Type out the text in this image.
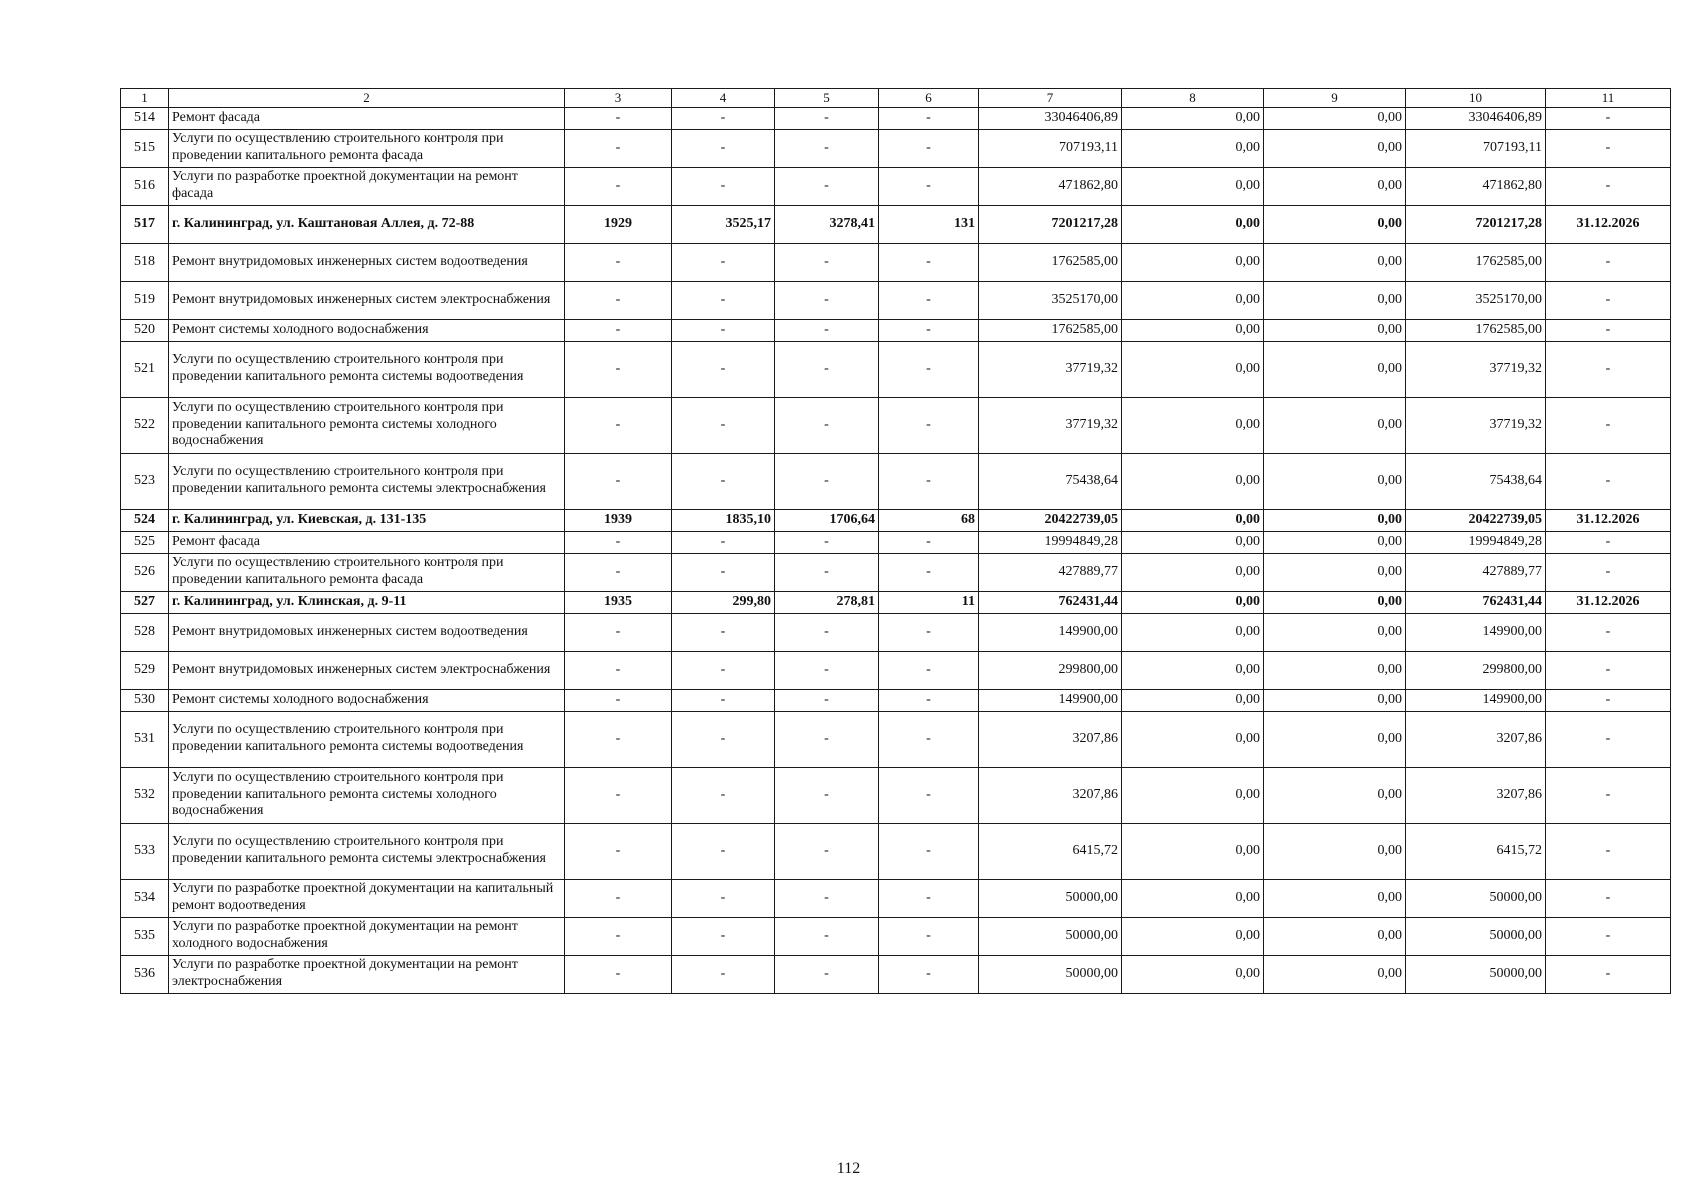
1	2	3	4	5	6	7	8	9	10	11
514	Ремонт фасада	-	-	-	-	33046406,89	0,00	0,00	33046406,89	-
515	Услуги по осуществлению строительного контроля при проведении капитального ремонта фасада	-	-	-	-	707193,11	0,00	0,00	707193,11	-
516	Услуги по разработке проектной документации на ремонт фасада	-	-	-	-	471862,80	0,00	0,00	471862,80	-
517	г. Калининград, ул. Каштановая Аллея, д. 72-88	1929	3525,17	3278,41	131	7201217,28	0,00	0,00	7201217,28	31.12.2026
518	Ремонт внутридомовых инженерных систем водоотведения	-	-	-	-	1762585,00	0,00	0,00	1762585,00	-
519	Ремонт внутридомовых инженерных систем электроснабжения	-	-	-	-	3525170,00	0,00	0,00	3525170,00	-
520	Ремонт системы холодного водоснабжения	-	-	-	-	1762585,00	0,00	0,00	1762585,00	-
521	Услуги по осуществлению строительного контроля при проведении капитального ремонта системы водоотведения	-	-	-	-	37719,32	0,00	0,00	37719,32	-
522	Услуги по осуществлению строительного контроля при проведении капитального ремонта системы холодного водоснабжения	-	-	-	-	37719,32	0,00	0,00	37719,32	-
523	Услуги по осуществлению строительного контроля при проведении капитального ремонта системы электроснабжения	-	-	-	-	75438,64	0,00	0,00	75438,64	-
524	г. Калининград, ул. Киевская, д. 131-135	1939	1835,10	1706,64	68	20422739,05	0,00	0,00	20422739,05	31.12.2026
525	Ремонт фасада	-	-	-	-	19994849,28	0,00	0,00	19994849,28	-
526	Услуги по осуществлению строительного контроля при проведении капитального ремонта фасада	-	-	-	-	427889,77	0,00	0,00	427889,77	-
527	г. Калининград, ул. Клинская, д. 9-11	1935	299,80	278,81	11	762431,44	0,00	0,00	762431,44	31.12.2026
528	Ремонт внутридомовых инженерных систем водоотведения	-	-	-	-	149900,00	0,00	0,00	149900,00	-
529	Ремонт внутридомовых инженерных систем электроснабжения	-	-	-	-	299800,00	0,00	0,00	299800,00	-
530	Ремонт системы холодного водоснабжения	-	-	-	-	149900,00	0,00	0,00	149900,00	-
531	Услуги по осуществлению строительного контроля при проведении капитального ремонта системы водоотведения	-	-	-	-	3207,86	0,00	0,00	3207,86	-
532	Услуги по осуществлению строительного контроля при проведении капитального ремонта системы холодного водоснабжения	-	-	-	-	3207,86	0,00	0,00	3207,86	-
533	Услуги по осуществлению строительного контроля при проведении капитального ремонта системы электроснабжения	-	-	-	-	6415,72	0,00	0,00	6415,72	-
534	Услуги по разработке проектной документации на капитальный ремонт водоотведения	-	-	-	-	50000,00	0,00	0,00	50000,00	-
535	Услуги по разработке проектной документации на ремонт холодного водоснабжения	-	-	-	-	50000,00	0,00	0,00	50000,00	-
536	Услуги по разработке проектной документации на ремонт электроснабжения	-	-	-	-	50000,00	0,00	0,00	50000,00	-
112
